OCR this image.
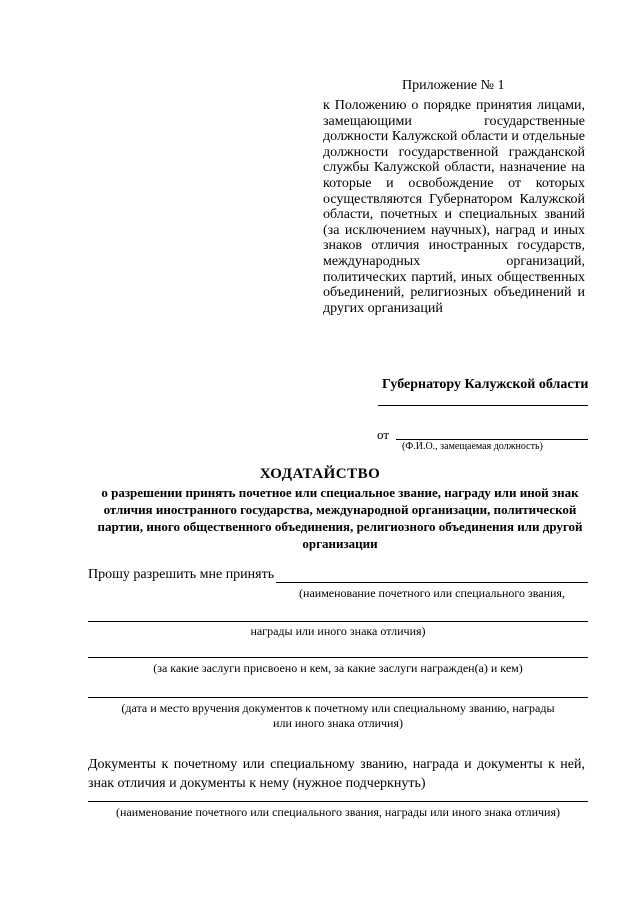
Приложение № 1
к Положению о порядке принятия лицами, замещающими государственные должности Калужской области и отдельные должности государственной гражданской службы Калужской области, назначение на которые и освобождение от которых осуществляются Губернатором Калужской области, почетных и специальных званий (за исключением научных), наград и иных знаков отличия иностранных государств, международных организаций, политических партий, иных общественных объединений, религиозных объединений и других организаций
Губернатору Калужской области
от
(Ф.И.О., замещаемая должность)
ХОДАТАЙСТВО
о разрешении принять почетное или специальное звание, награду или иной знак отличия иностранного государства, международной организации, политической партии, иного общественного объединения, религиозного объединения или другой организации
Прошу разрешить мне принять
(наименование почетного или специального звания,
награды или иного знака отличия)
(за какие заслуги присвоено и кем, за какие заслуги награжден(а) и кем)
(дата и место вручения документов к почетному или специальному званию, награды
или иного знака отличия)
Документы к почетному или специальному званию, награда и документы к ней, знак отличия и документы к нему (нужное подчеркнуть)
(наименование почетного или специального звания, награды или иного знака отличия)
